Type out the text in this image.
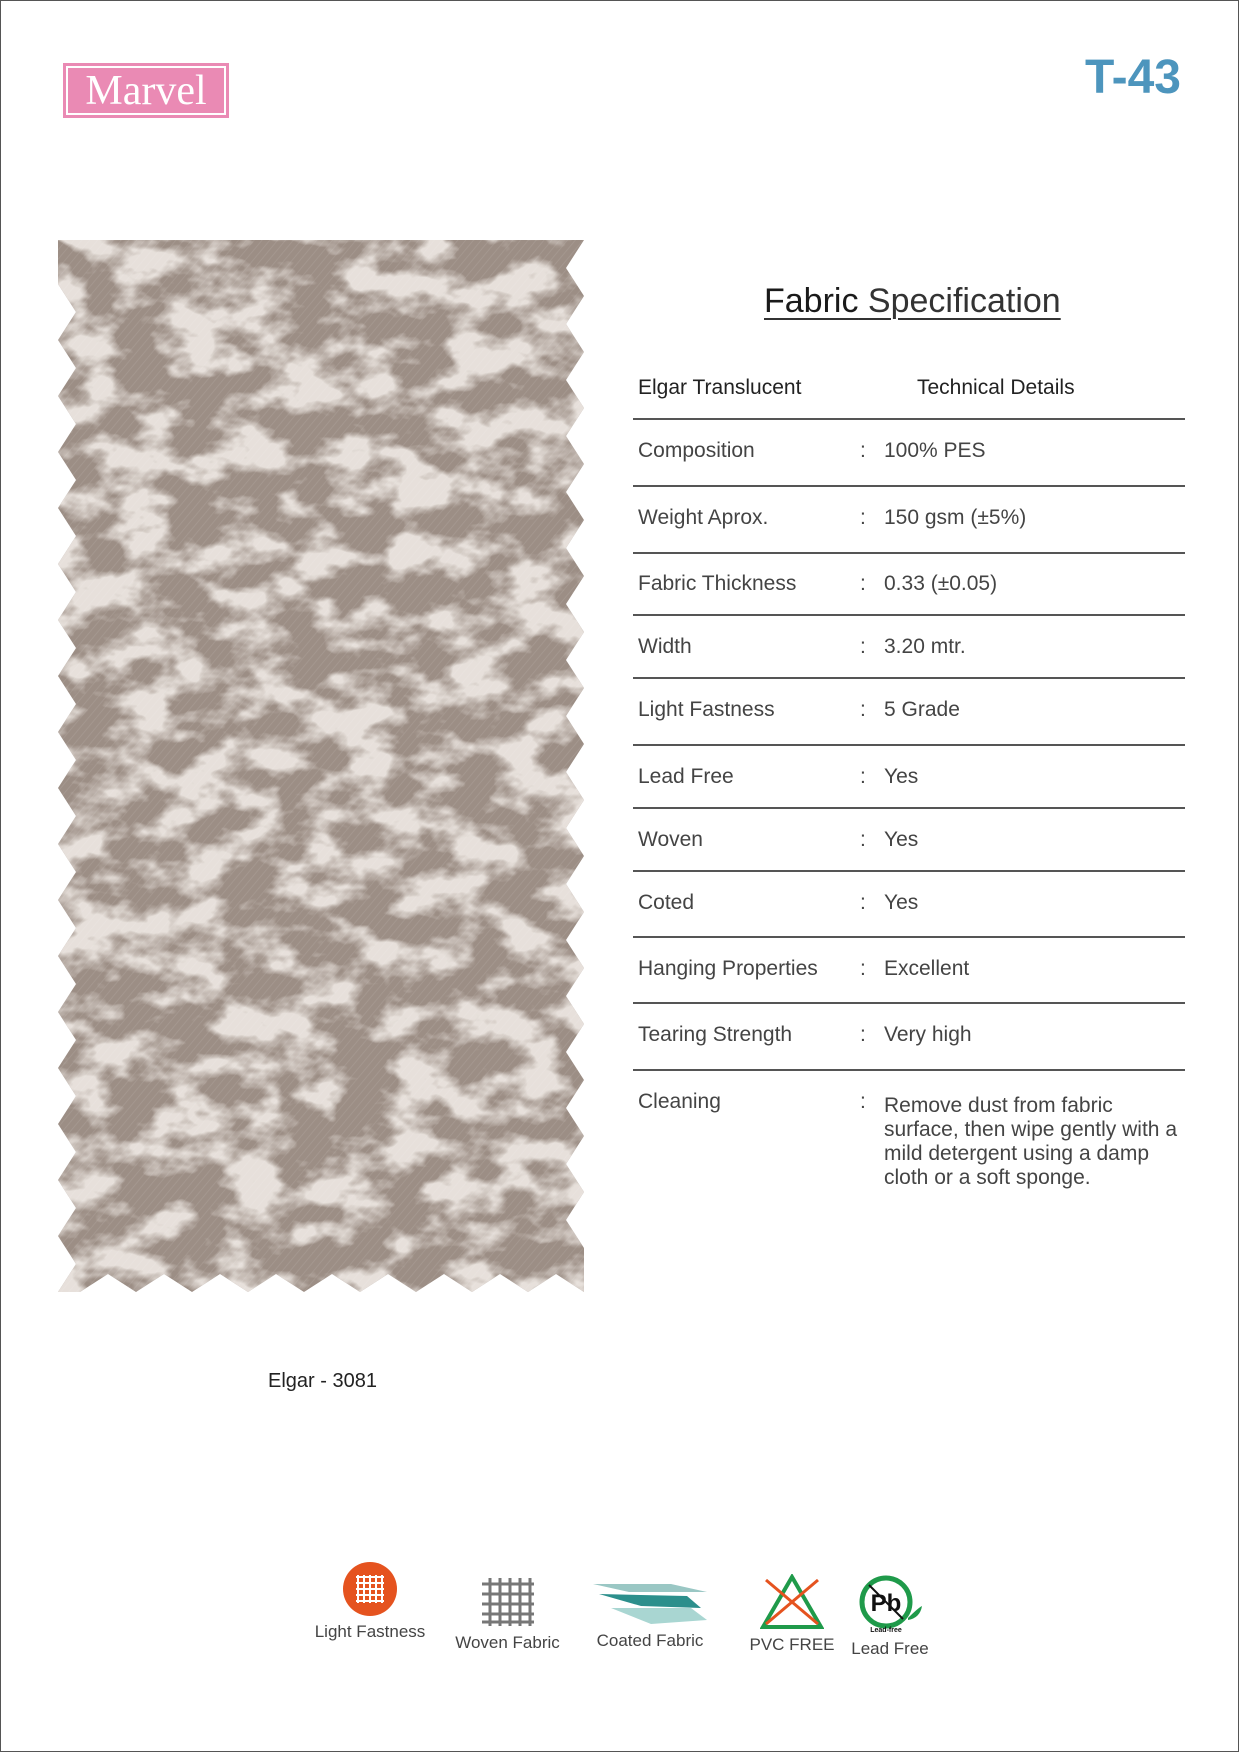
Marvel	T-43
Elgar - 3081
Fabric Specification
Elgar Translucent	Technical Details
Composition	: 100% PES
Weight Aprox.	: 150 gsm (±5%)
Fabric Thickness	: 0.33 (±0.05)
Width	: 3.20 mtr.
Light Fastness	: 5 Grade
Lead Free	: Yes
Woven	: Yes
Coted	: Yes
Hanging Properties : Excellent
Tearing Strength	: Very high
Cleaning	: Remove dust from fabric surface, then wipe gently with a mild detergent using a damp cloth or a soft sponge.
Light Fastness
Woven Fabric	Coated Fabric	PVC FREE
Pb
Lead-free
Lead Free
